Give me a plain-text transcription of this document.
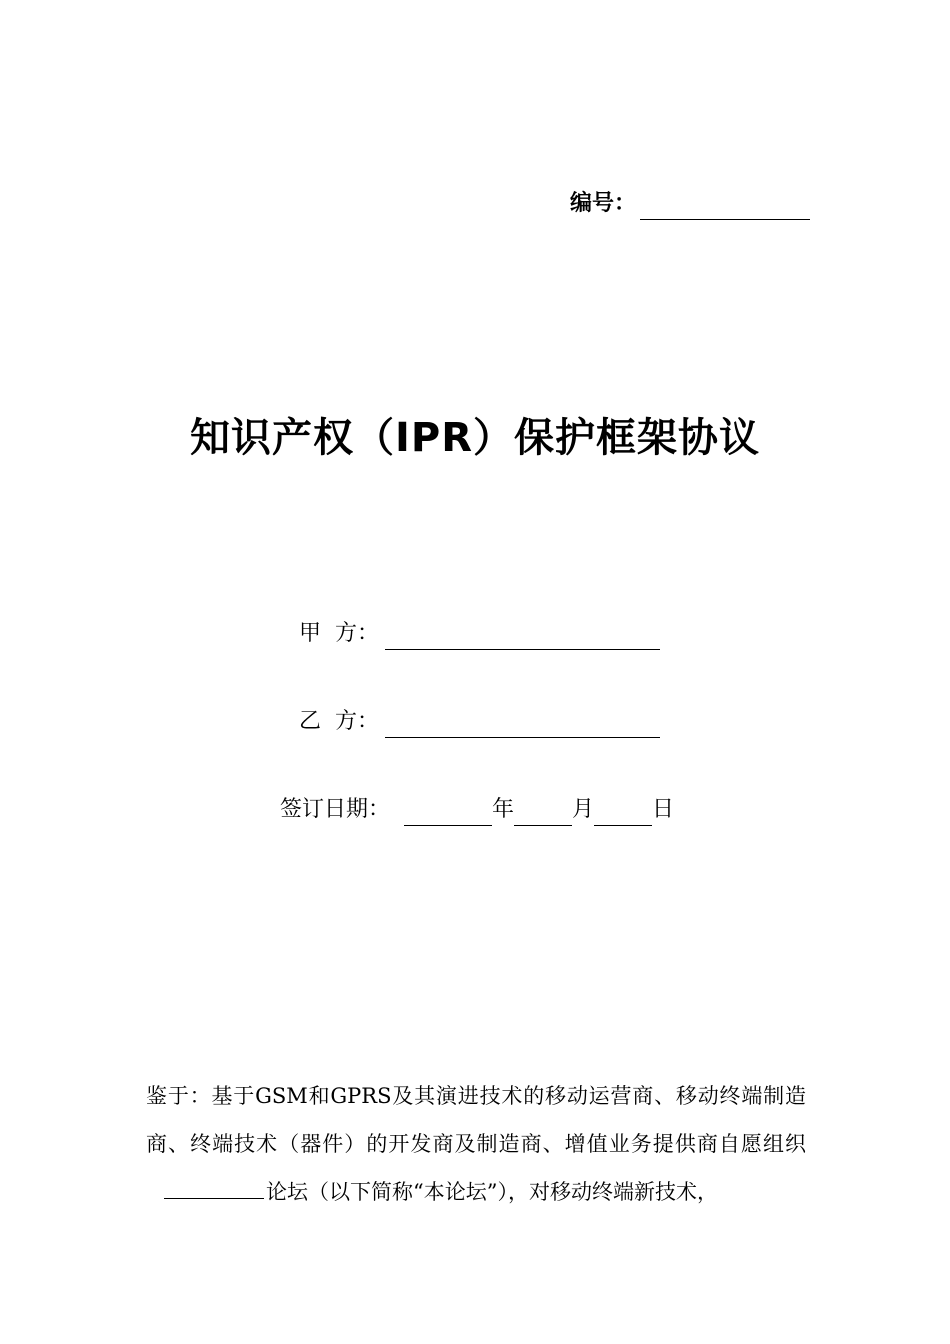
编号：
知识产权（IPR）保护框架协议
甲  方：
乙  方：
签订日期：	年	月	日

鉴于：基于GSM和GPRS及其演进技术的移动运营商、移动终端制造商、终端技术（器件）的开发商及制造商、增值业务提供商自愿组织论坛（以下简称“本论坛”），对移动终端新技术，
